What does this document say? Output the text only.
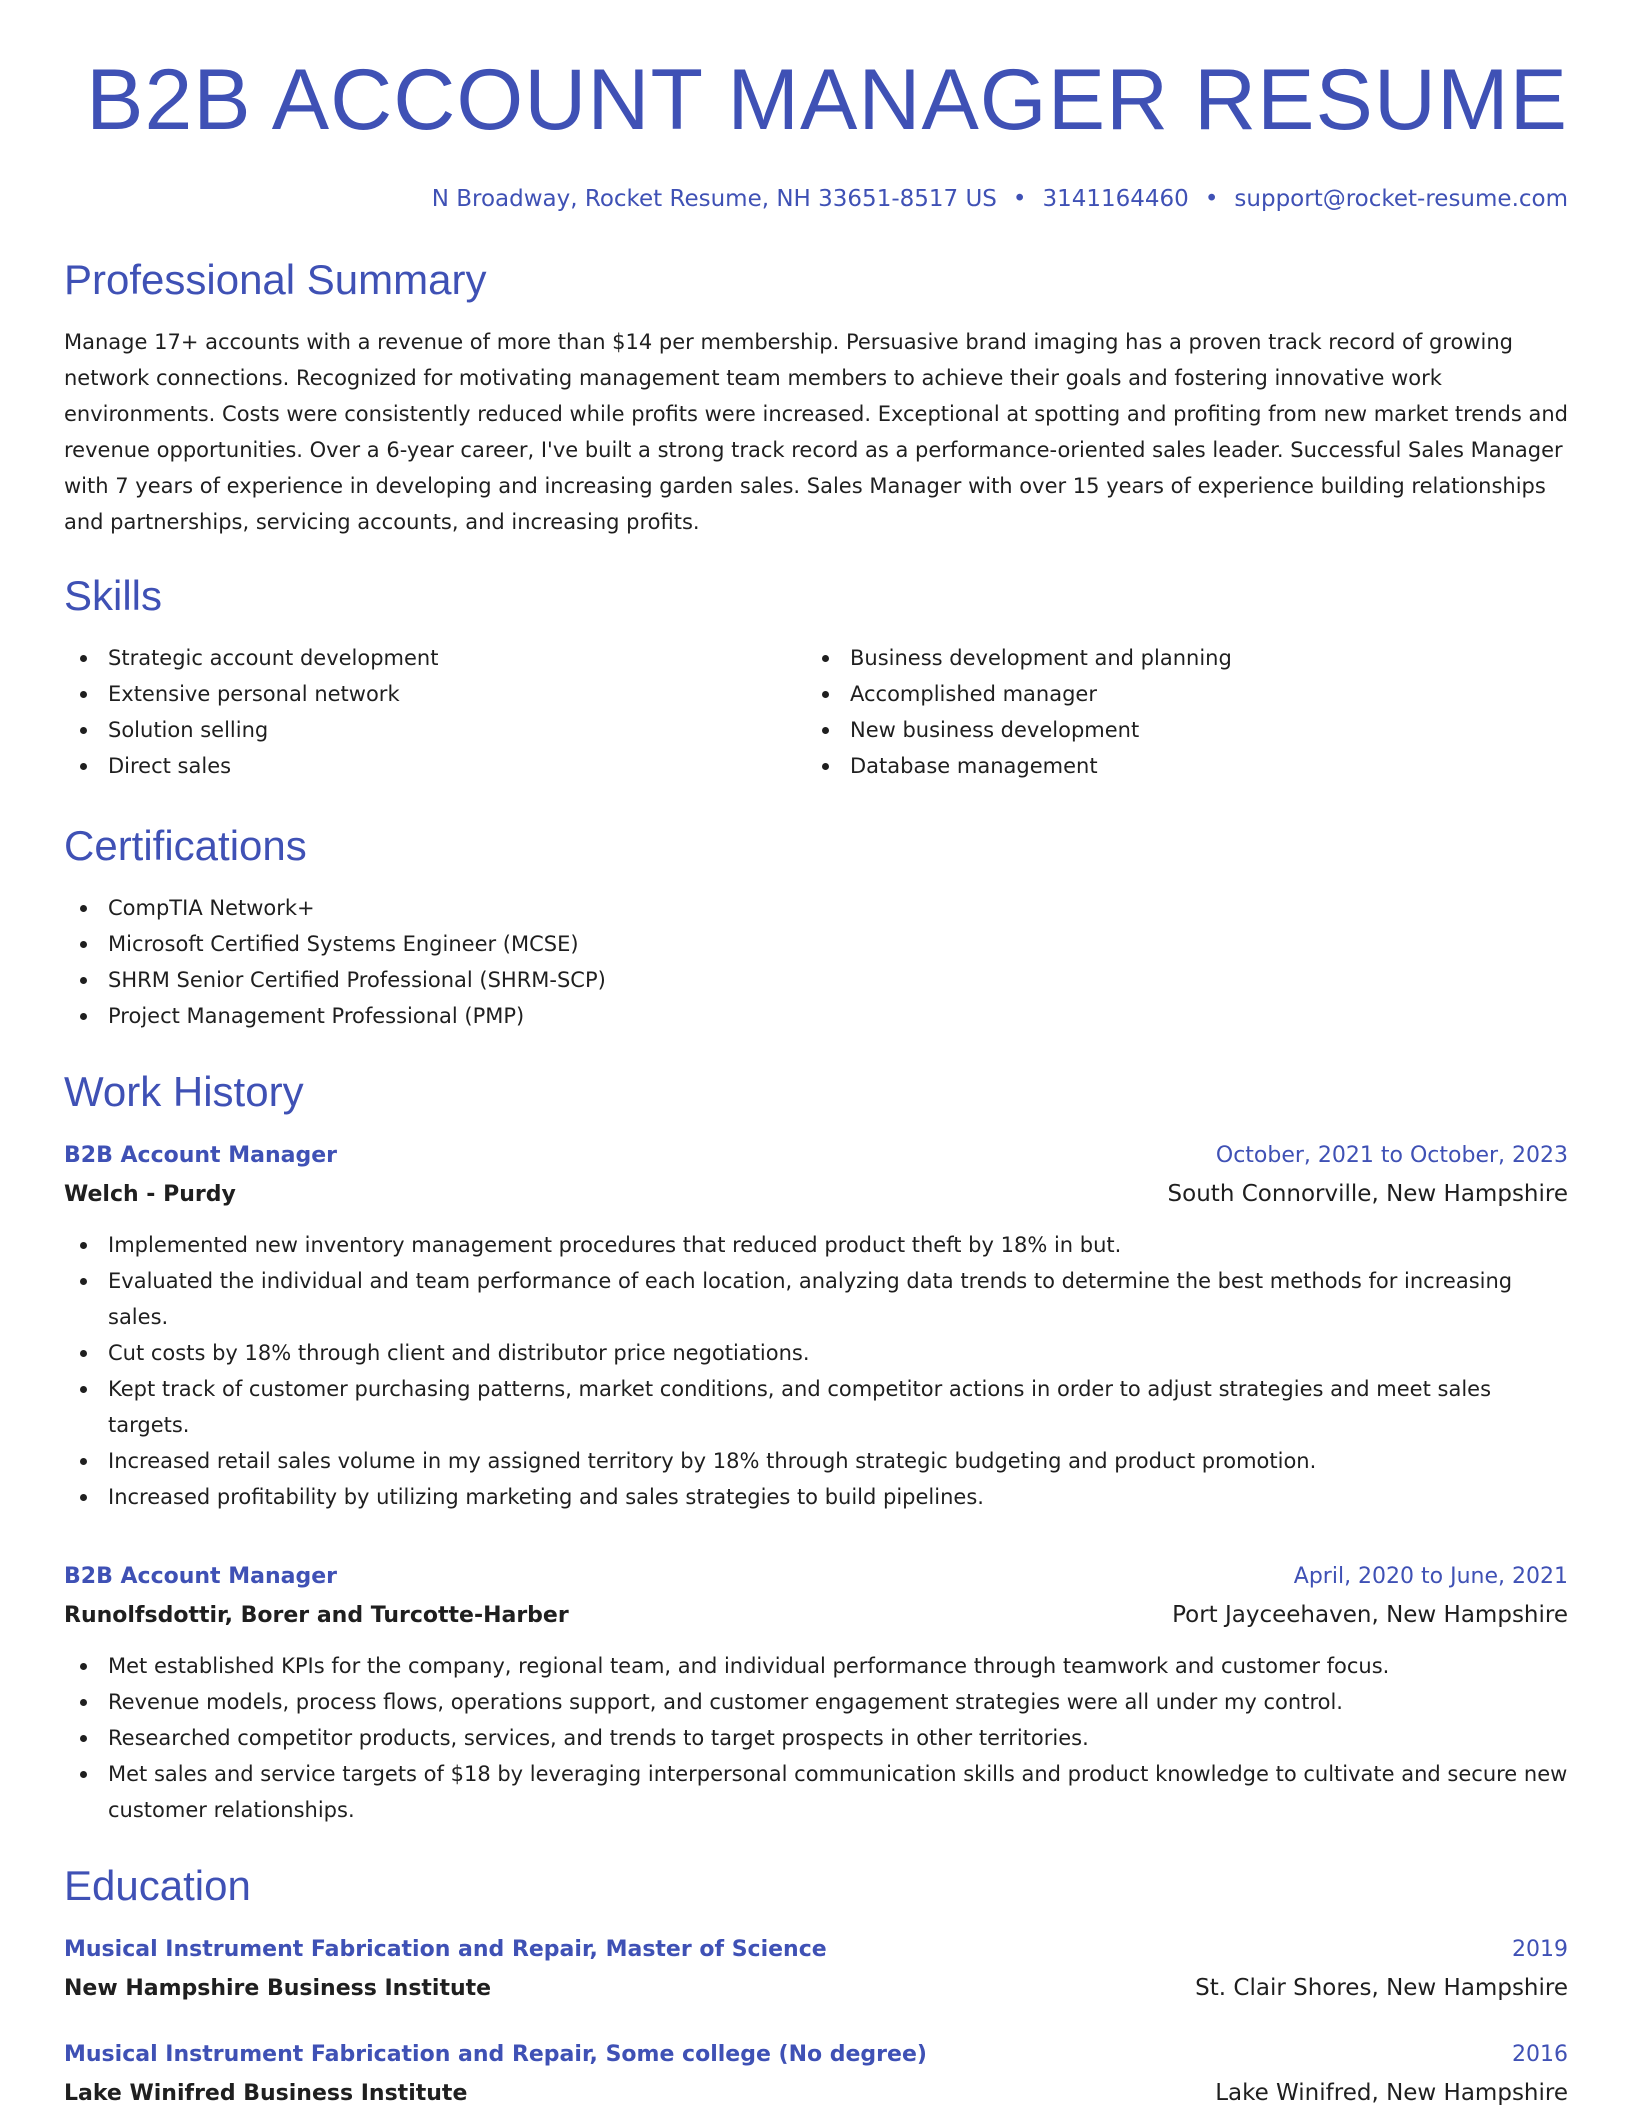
B2B ACCOUNT MANAGER RESUME
N Broadway, Rocket Resume, NH 33651-8517 US • 3141164460 • support@rocket-resume.com
Professional Summary

Manage 17+ accounts with a revenue of more than $14 per membership. Persuasive brand imaging has a proven track record of growing network connections. Recognized for motivating management team members to achieve their goals and fostering innovative work environments. Costs were consistently reduced while profits were increased. Exceptional at spotting and profiting from new market trends and revenue opportunities. Over a 6-year career, I've built a strong track record as a performance-oriented sales leader. Successful Sales Manager with 7 years of experience in developing and increasing garden sales. Sales Manager with over 15 years of experience building relationships and partnerships, servicing accounts, and increasing profits.

Skills
Strategic account development
Extensive personal network
Solution selling
Direct sales
Business development and planning
Accomplished manager
New business development
Database management
Certifications
CompTIA Network+
Microsoft Certified Systems Engineer (MCSE)
SHRM Senior Certified Professional (SHRM-SCP)
Project Management Professional (PMP)
Work History
B2B Account Manager	October, 2021 to October, 2023
Welch - Purdy	South Connorville, New Hampshire
Implemented new inventory management procedures that reduced product theft by 18% in but.
Evaluated the individual and team performance of each location, analyzing data trends to determine the best methods for increasing sales.
Cut costs by 18% through client and distributor price negotiations.
Kept track of customer purchasing patterns, market conditions, and competitor actions in order to adjust strategies and meet sales targets.
Increased retail sales volume in my assigned territory by 18% through strategic budgeting and product promotion.
Increased profitability by utilizing marketing and sales strategies to build pipelines.
B2B Account Manager	April, 2020 to June, 2021
Runolfsdottir, Borer and Turcotte-Harber	Port Jayceehaven, New Hampshire
Met established KPIs for the company, regional team, and individual performance through teamwork and customer focus.
Revenue models, process flows, operations support, and customer engagement strategies were all under my control.
Researched competitor products, services, and trends to target prospects in other territories.
Met sales and service targets of $18 by leveraging interpersonal communication skills and product knowledge to cultivate and secure new customer relationships.
Education
Musical Instrument Fabrication and Repair, Master of Science	2019
New Hampshire Business Institute	St. Clair Shores, New Hampshire
Musical Instrument Fabrication and Repair, Some college (No degree)	2016
Lake Winifred Business Institute	Lake Winifred, New Hampshire
